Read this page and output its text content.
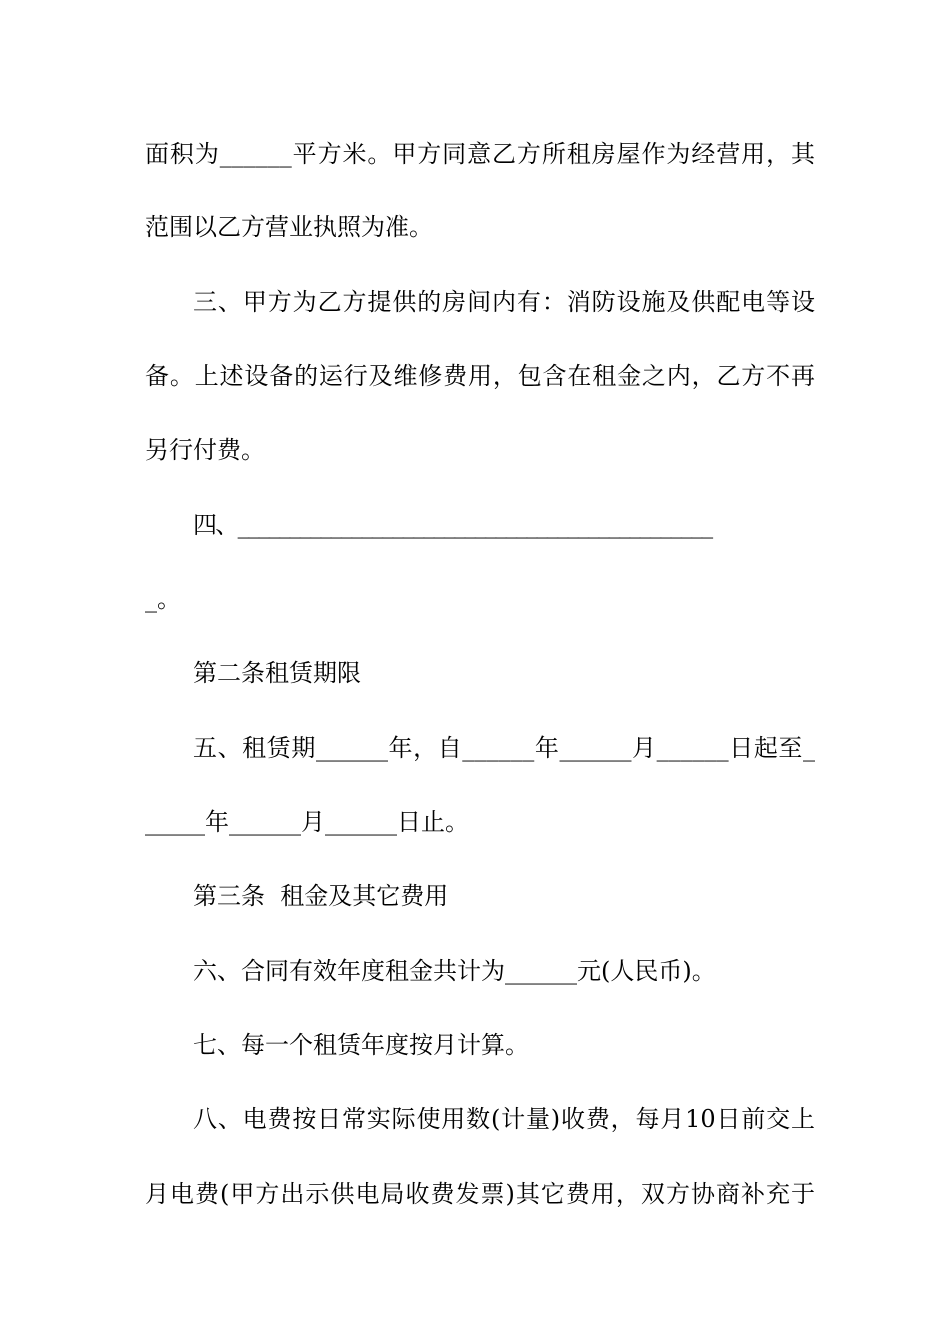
面积为______平方米。甲方同意乙方所租房屋作为经营用，其
范围以乙方营业执照为准。
三、甲方为乙方提供的房间内有：消防设施及供配电等设
备。上述设备的运行及维修费用，包含在租金之内，乙方不再
另行付费。
四、______________________________________________
_。
第二条租赁期限
五、租赁期______年，自______年______月______日起至_
_____年______月______日止。
第三条  租金及其它费用
六、合同有效年度租金共计为______元(人民币)。
七、每一个租赁年度按月计算。
八、电费按日常实际使用数(计量)收费，每月10日前交上
月电费(甲方出示供电局收费发票)其它费用，双方协商补充于
